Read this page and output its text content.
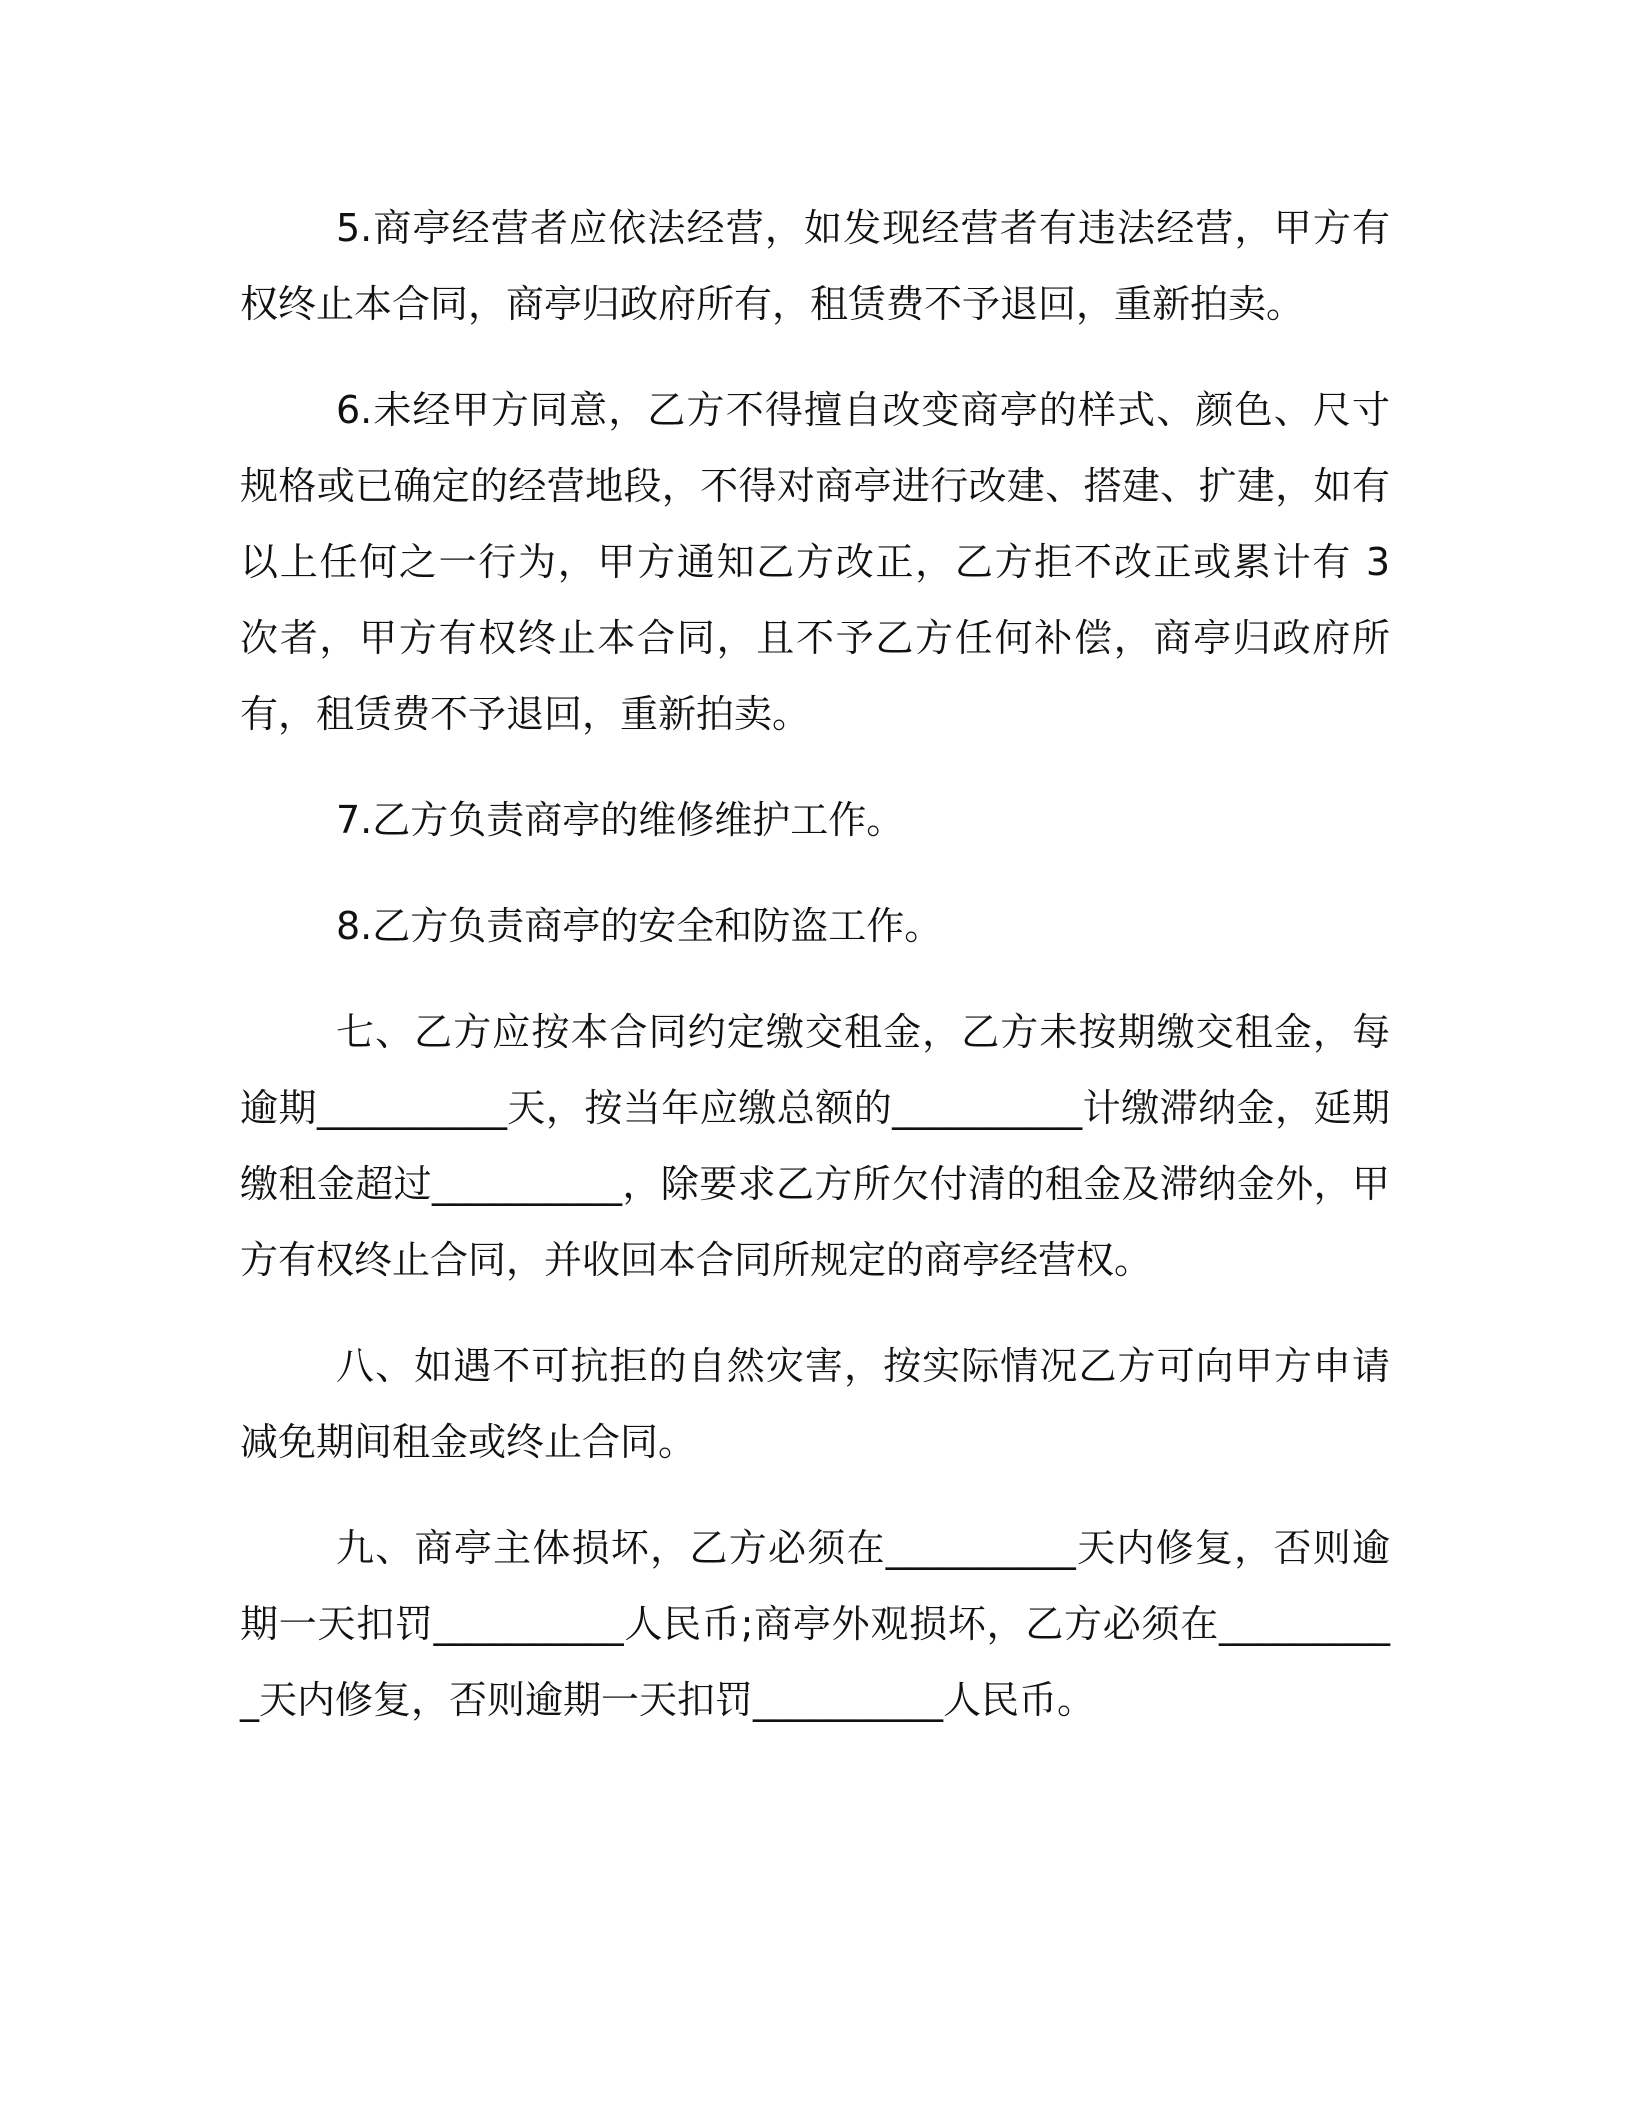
5.商亭经营者应依法经营，如发现经营者有违法经营，甲方有权终止本合同，商亭归政府所有，租赁费不予退回，重新拍卖。

6.未经甲方同意，乙方不得擅自改变商亭的样式、颜色、尺寸规格或已确定的经营地段，不得对商亭进行改建、搭建、扩建，如有以上任何之一行为，甲方通知乙方改正，乙方拒不改正或累计有 3 次者，甲方有权终止本合同，且不予乙方任何补偿，商亭归政府所有，租赁费不予退回，重新拍卖。

7.乙方负责商亭的维修维护工作。

8.乙方负责商亭的安全和防盗工作。

七、乙方应按本合同约定缴交租金，乙方未按期缴交租金，每逾期__________天，按当年应缴总额的__________计缴滞纳金，延期缴租金超过__________，除要求乙方所欠付清的租金及滞纳金外，甲方有权终止合同，并收回本合同所规定的商亭经营权。

八、如遇不可抗拒的自然灾害，按实际情况乙方可向甲方申请减免期间租金或终止合同。

九、商亭主体损坏，乙方必须在__________天内修复，否则逾期一天扣罚__________人民币;商亭外观损坏，乙方必须在__________天内修复，否则逾期一天扣罚__________人民币。
